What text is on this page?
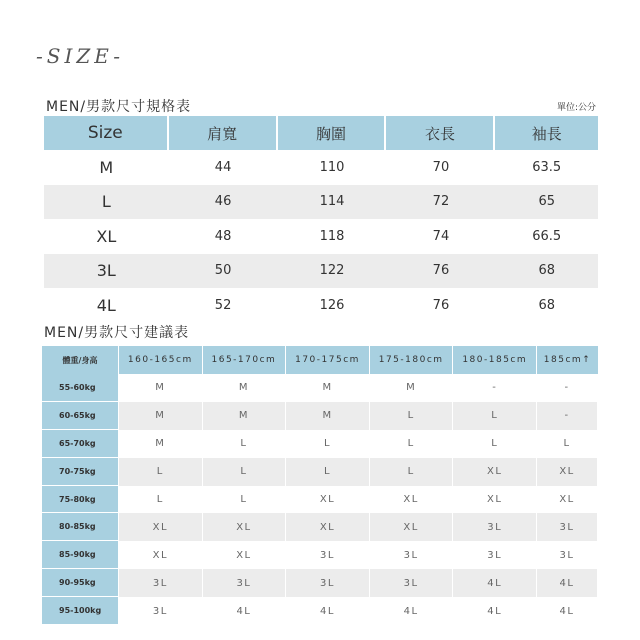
-SIZE-
MEN/男款尺寸規格表	單位:公分
Size	肩寬	胸圍	衣長	袖長
M	44	110	70	63.5
L	46	114	72	65
XL	48	118	74	66.5
3L	50	122	76	68
4L	52	126	76	68
MEN/男款尺寸建議表
體重/身高	160-165cm	165-170cm	170-175cm	175-180cm	180-185cm	185cm↑
55-60kg	M	M	M	M	-	-
60-65kg	M	M	M	L	L	-
65-70kg	M	L	L	L	L	L
70-75kg	L	L	L	L	XL	XL
75-80kg	L	L	XL	XL	XL	XL
80-85kg	XL	XL	XL	XL	3L	3L
85-90kg	XL	XL	3L	3L	3L	3L
90-95kg	3L	3L	3L	3L	4L	4L
95-100kg	3L	4L	4L	4L	4L	4L
